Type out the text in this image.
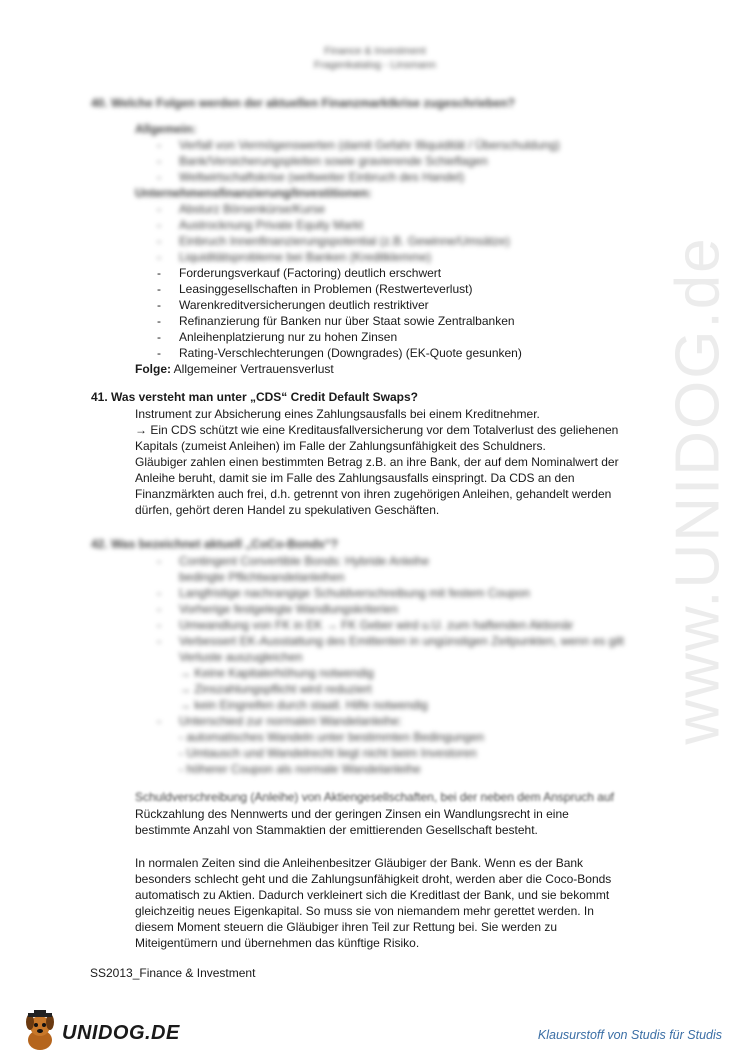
Finance & Investment
Fragenkatalog - Linsmann
www.UNIDOG.de
40. Welche Folgen werden der aktuellen Finanzmarktkrise zugeschrieben?
Allgemein:
- Verfall von Vermögenswerten (damit Gefahr Illiquidität / Überschuldung)
- Bank/Versicherungspleiten sowie gravierende Schieflagen
- Weltwirtschaftskrise (weltweiter Einbruch des Handel)
Unternehmensfinanzierung/Investitionen:
- Absturz Börsenkürse/Kurse
- Austrocknung Private Equity Markt
- Einbruch Innenfinanzierungspotential (z.B. Gewinne/Umsätze)
- Liquiditätsprobleme bei Banken (Kreditklemme)
- Forderungsverkauf (Factoring) deutlich erschwert
- Leasinggesellschaften in Problemen (Restwerteverlust)
- Warenkreditversicherungen deutlich restriktiver
- Refinanzierung für Banken nur über Staat sowie Zentralbanken
- Anleihenplatzierung nur zu hohen Zinsen
- Rating-Verschlechterungen (Downgrades) (EK-Quote gesunken)
Folge: Allgemeiner Vertrauensverlust
41. Was versteht man unter „CDS“ Credit Default Swaps?
Instrument zur Absicherung eines Zahlungsausfalls bei einem Kreditnehmer.
→ Ein CDS schützt wie eine Kreditausfallversicherung vor dem Totalverlust des geliehenen
Kapitals (zumeist Anleihen) im Falle der Zahlungsunfähigkeit des Schuldners.
Gläubiger zahlen einen bestimmten Betrag z.B. an ihre Bank, der auf dem Nominalwert der
Anleihe beruht, damit sie im Falle des Zahlungsausfalls einspringt. Da CDS an den
Finanzmärkten auch frei, d.h. getrennt von ihren zugehörigen Anleihen, gehandelt werden
dürfen, gehört deren Handel zu spekulativen Geschäften.
42. Was bezeichnet aktuell „CoCo-Bonds“?
- Contingent Convertible Bonds: Hybride Anleihe
bedingte Pflichtwandelanleihen
- Langfristige nachrangige Schuldverschreibung mit festem Coupon
- Vorherige festgelegte Wandlungskriterien
- Umwandlung von FK in EK → FK Geber wird u.U. zum haftenden Aktionär
- Verbessert EK-Ausstattung des Emittenten in ungünstigen Zeitpunkten, wenn es gilt
Verluste auszugleichen
→ Keine Kapitalerhöhung notwendig
→ Zinszahlungspflicht wird reduziert
→ kein Eingreifen durch staatl. Hilfe notwendig
- Unterschied zur normalen Wandelanleihe:
- automatisches Wandeln unter bestimmten Bedingungen
- Umtausch und Wandelrecht liegt nicht beim Investoren
- höherer Coupon als normale Wandelanleihe
Schuldverschreibung (Anleihe) von Aktiengesellschaften, bei der neben dem Anspruch auf
Rückzahlung des Nennwerts und der geringen Zinsen ein Wandlungsrecht in eine
bestimmte Anzahl von Stammaktien der emittierenden Gesellschaft besteht.
In normalen Zeiten sind die Anleihenbesitzer Gläubiger der Bank. Wenn es der Bank
besonders schlecht geht und die Zahlungsunfähigkeit droht, werden aber die Coco-Bonds
automatisch zu Aktien. Dadurch verkleinert sich die Kreditlast der Bank, und sie bekommt
gleichzeitig neues Eigenkapital. So muss sie von niemandem mehr gerettet werden. In
diesem Moment steuern die Gläubiger ihren Teil zur Rettung bei. Sie werden zu
Miteigentümern und übernehmen das künftige Risiko.
SS2013_Finance & Investment
UNIDOG.DE	Klausurstoff von Studis für Studis
